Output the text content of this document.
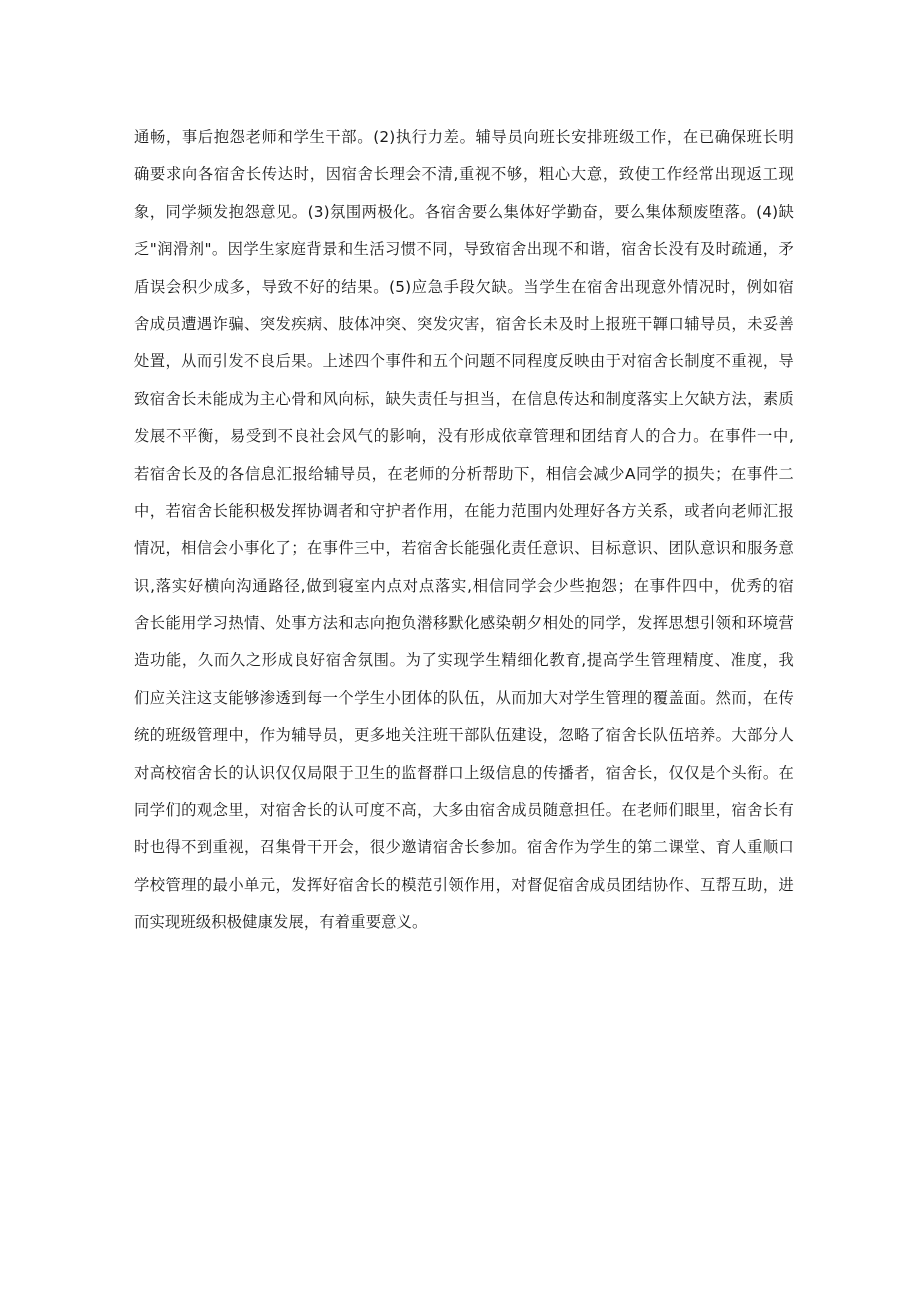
通畅，事后抱怨老师和学生干部。(2)执行力差。辅导员向班长安排班级工作，在已确保班长明
确要求向各宿舍长传达时，因宿舍长理会不清,重视不够，粗心大意，致使工作经常出现返工现
象，同学频发抱怨意见。(3)氛围两极化。各宿舍要么集体好学勤奋，要么集体颓废堕落。(4)缺
乏"润滑剂"。因学生家庭背景和生活习惯不同，导致宿舍出现不和谐，宿舍长没有及时疏通，矛
盾误会积少成多，导致不好的结果。(5)应急手段欠缺。当学生在宿舍出现意外情况时，例如宿
舍成员遭遇诈骗、突发疾病、肢体冲突、突发灾害，宿舍长未及时上报班干韗口辅导员，未妥善
处置，从而引发不良后果。上述四个事件和五个问题不同程度反映由于对宿舍长制度不重视，导
致宿舍长未能成为主心骨和风向标，缺失责任与担当，在信息传达和制度落实上欠缺方法，素质
发展不平衡，易受到不良社会风气的影响，没有形成依章管理和团结育人的合力。在事件一中,
若宿舍长及的各信息汇报给辅导员，在老师的分析帮助下，相信会减少A同学的损失；在事件二
中，若宿舍长能积极发挥协调者和守护者作用，在能力范围内处理好各方关系，或者向老师汇报
情况，相信会小事化了；在事件三中，若宿舍长能强化责任意识、目标意识、团队意识和服务意
识,落实好横向沟通路径,做到寝室内点对点落实,相信同学会少些抱怨；在事件四中，优秀的宿
舍长能用学习热情、处事方法和志向抱负潜移默化感染朝夕相处的同学，发挥思想引领和环境营
造功能，久而久之形成良好宿舍氛围。为了实现学生精细化教育,提高学生管理精度、准度，我
们应关注这支能够渗透到每一个学生小团体的队伍，从而加大对学生管理的覆盖面。然而，在传
统的班级管理中，作为辅导员，更多地关注班干部队伍建设，忽略了宿舍长队伍培养。大部分人
对高校宿舍长的认识仅仅局限于卫生的监督群口上级信息的传播者，宿舍长，仅仅是个头衔。在
同学们的观念里，对宿舍长的认可度不高，大多由宿舍成员随意担任。在老师们眼里，宿舍长有
时也得不到重视，召集骨干开会，很少邀请宿舍长参加。宿舍作为学生的第二课堂、育人重顺口
学校管理的最小单元，发挥好宿舍长的模范引领作用，对督促宿舍成员团结协作、互帮互助，进
而实现班级积极健康发展，有着重要意义。
